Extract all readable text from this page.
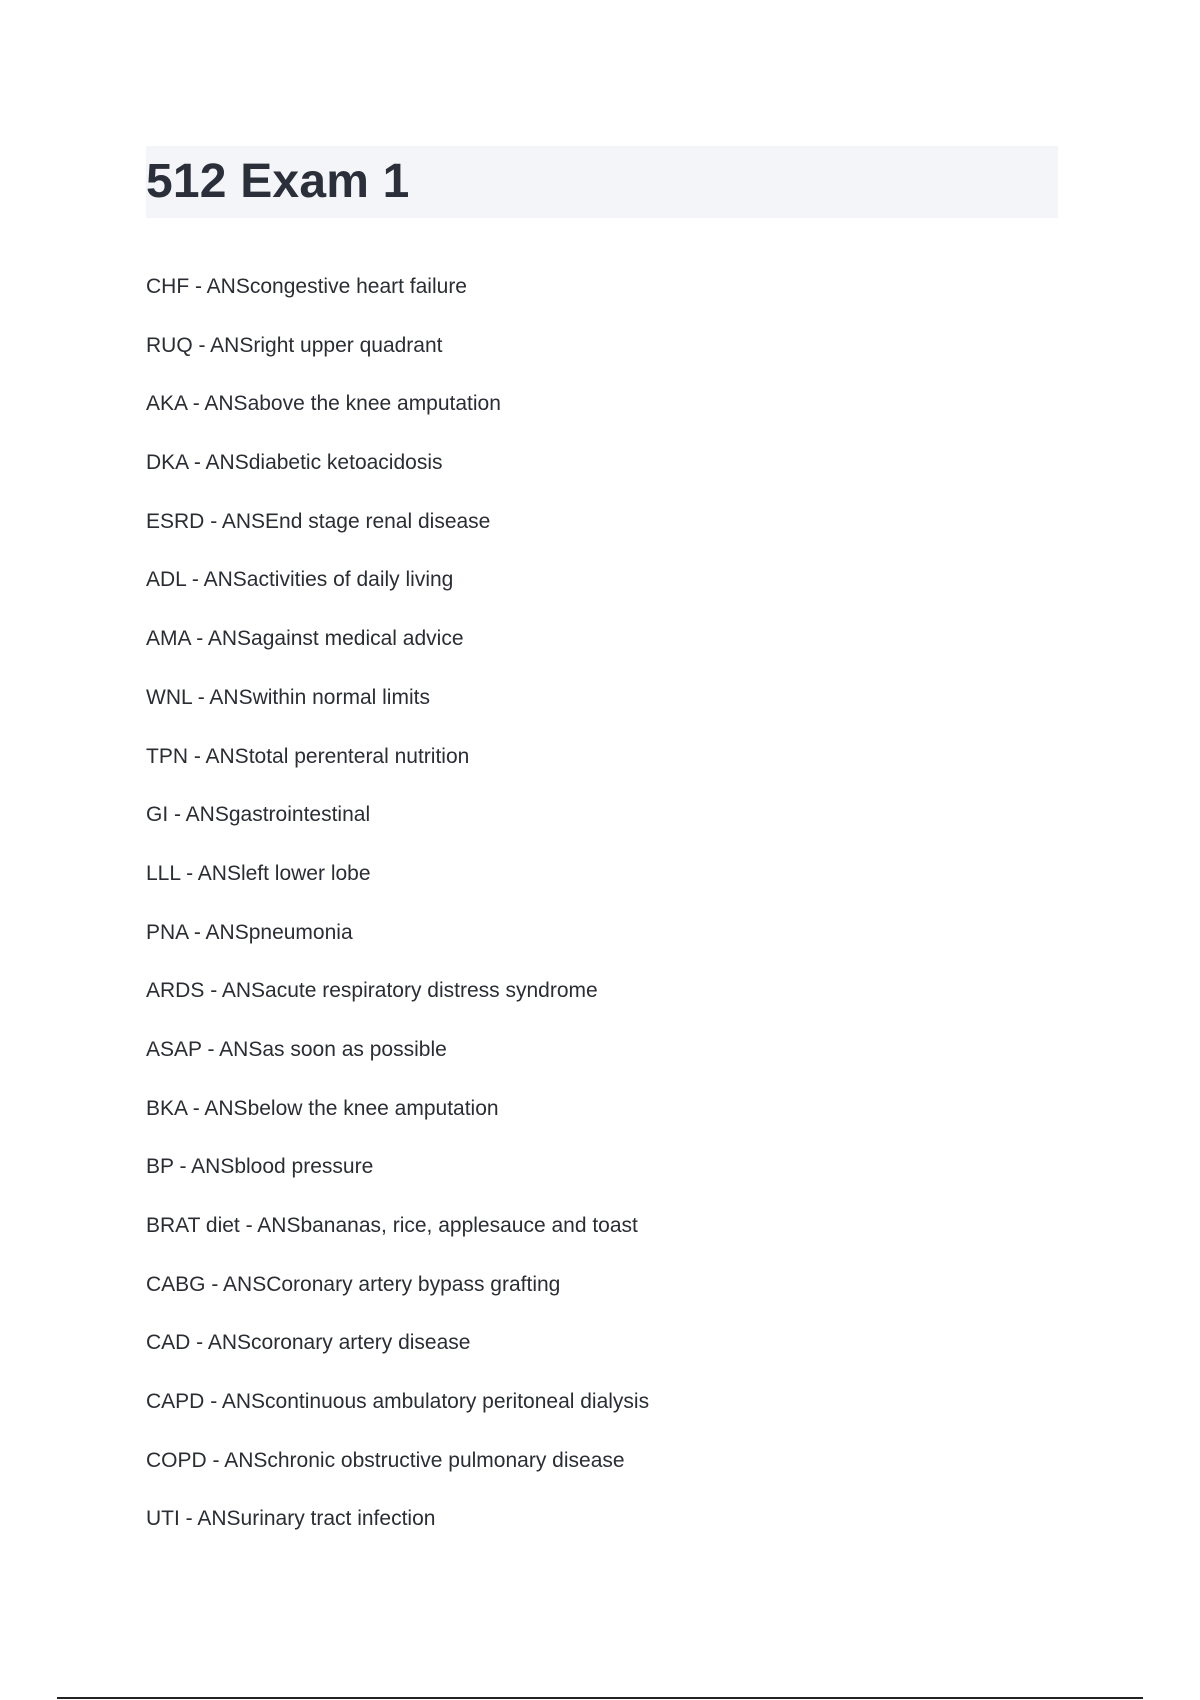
512 Exam 1
CHF - ANScongestive heart failure
RUQ - ANSright upper quadrant
AKA - ANSabove the knee amputation
DKA - ANSdiabetic ketoacidosis
ESRD - ANSEnd stage renal disease
ADL - ANSactivities of daily living
AMA - ANSagainst medical advice
WNL - ANSwithin normal limits
TPN - ANStotal perenteral nutrition
GI - ANSgastrointestinal
LLL - ANSleft lower lobe
PNA - ANSpneumonia
ARDS - ANSacute respiratory distress syndrome
ASAP - ANSas soon as possible
BKA - ANSbelow the knee amputation
BP - ANSblood pressure
BRAT diet - ANSbananas, rice, applesauce and toast
CABG - ANSCoronary artery bypass grafting
CAD - ANScoronary artery disease
CAPD - ANScontinuous ambulatory peritoneal dialysis
COPD - ANSchronic obstructive pulmonary disease
UTI - ANSurinary tract infection
